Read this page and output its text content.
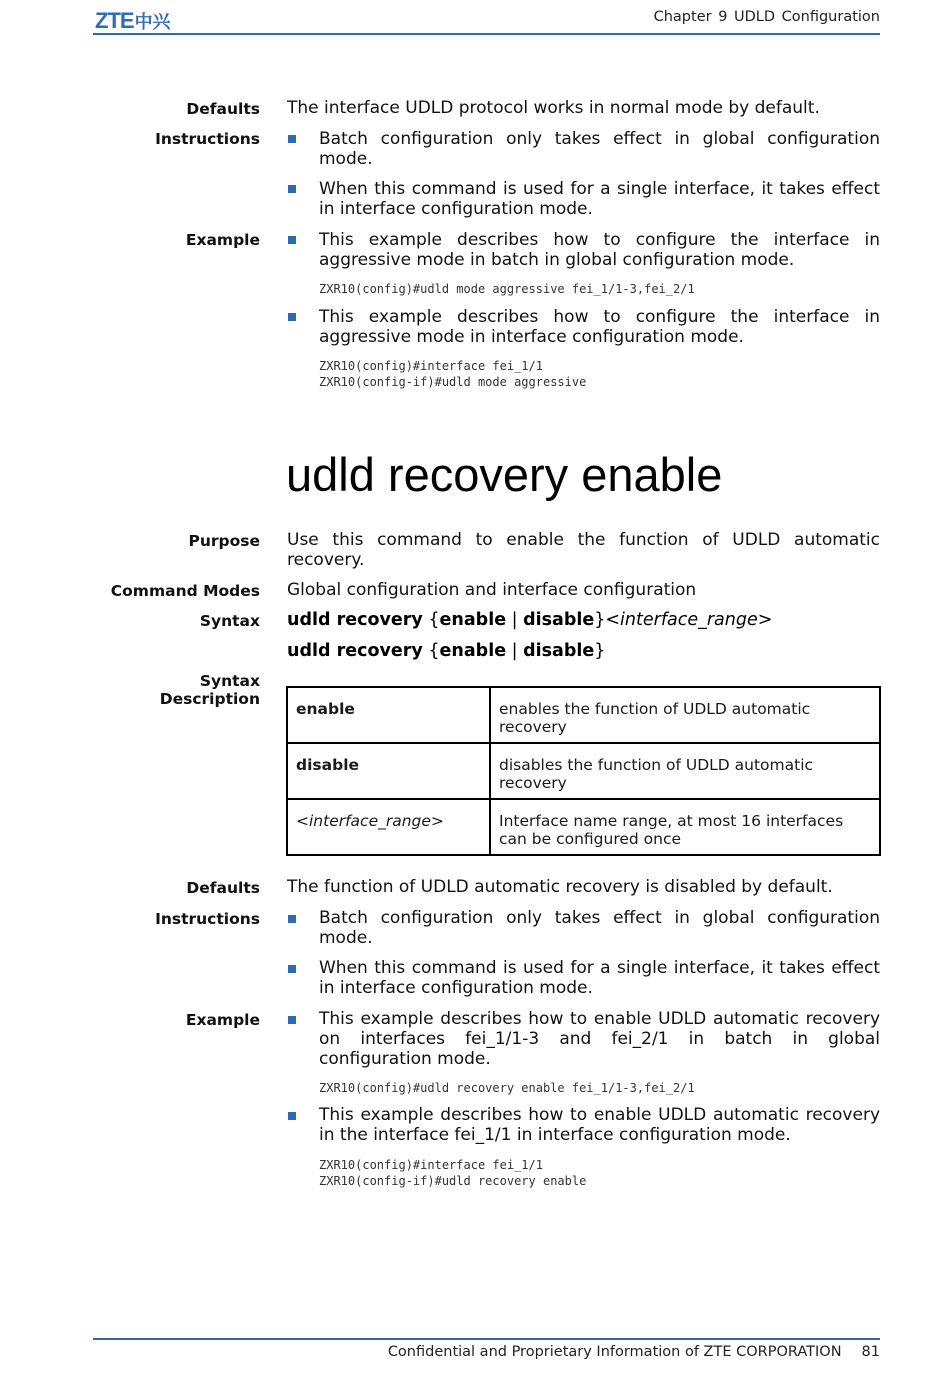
ZTE中兴	Chapter 9 UDLD Configuration
Defaults The interface UDLD protocol works in normal mode by default.
Instructions	Batch configuration only takes effect in global configuration mode.
When this command is used for a single interface, it takes effect in interface configuration mode.
Example	This example describes how to configure the interface in aggressive mode in batch in global configuration mode.
ZXR10(config)#udld mode aggressive fei_1/1-3,fei_2/1
This example describes how to configure the interface in aggressive mode in interface configuration mode.
ZXR10(config)#interface fei_1/1
ZXR10(config-if)#udld mode aggressive
udld recovery enable
Purpose Use this command to enable the function of UDLD automatic recovery.
Command Modes Global configuration and interface configuration
Syntax udld recovery {enable | disable}<interface_range>
udld recovery {enable | disable}
Syntax
Description
enable	enables the function of UDLD automatic recovery
disable	disables the function of UDLD automatic recovery
<interface_range>	Interface name range, at most 16 interfaces can be configured once
Defaults The function of UDLD automatic recovery is disabled by default.
Instructions	Batch configuration only takes effect in global configuration mode.
When this command is used for a single interface, it takes effect in interface configuration mode.
Example	This example describes how to enable UDLD automatic recovery on interfaces fei_1/1-3 and fei_2/1 in batch in global configuration mode.
ZXR10(config)#udld recovery enable fei_1/1-3,fei_2/1
This example describes how to enable UDLD automatic recovery in the interface fei_1/1 in interface configuration mode.
ZXR10(config)#interface fei_1/1
ZXR10(config-if)#udld recovery enable
Confidential and Proprietary Information of ZTE CORPORATION 81
